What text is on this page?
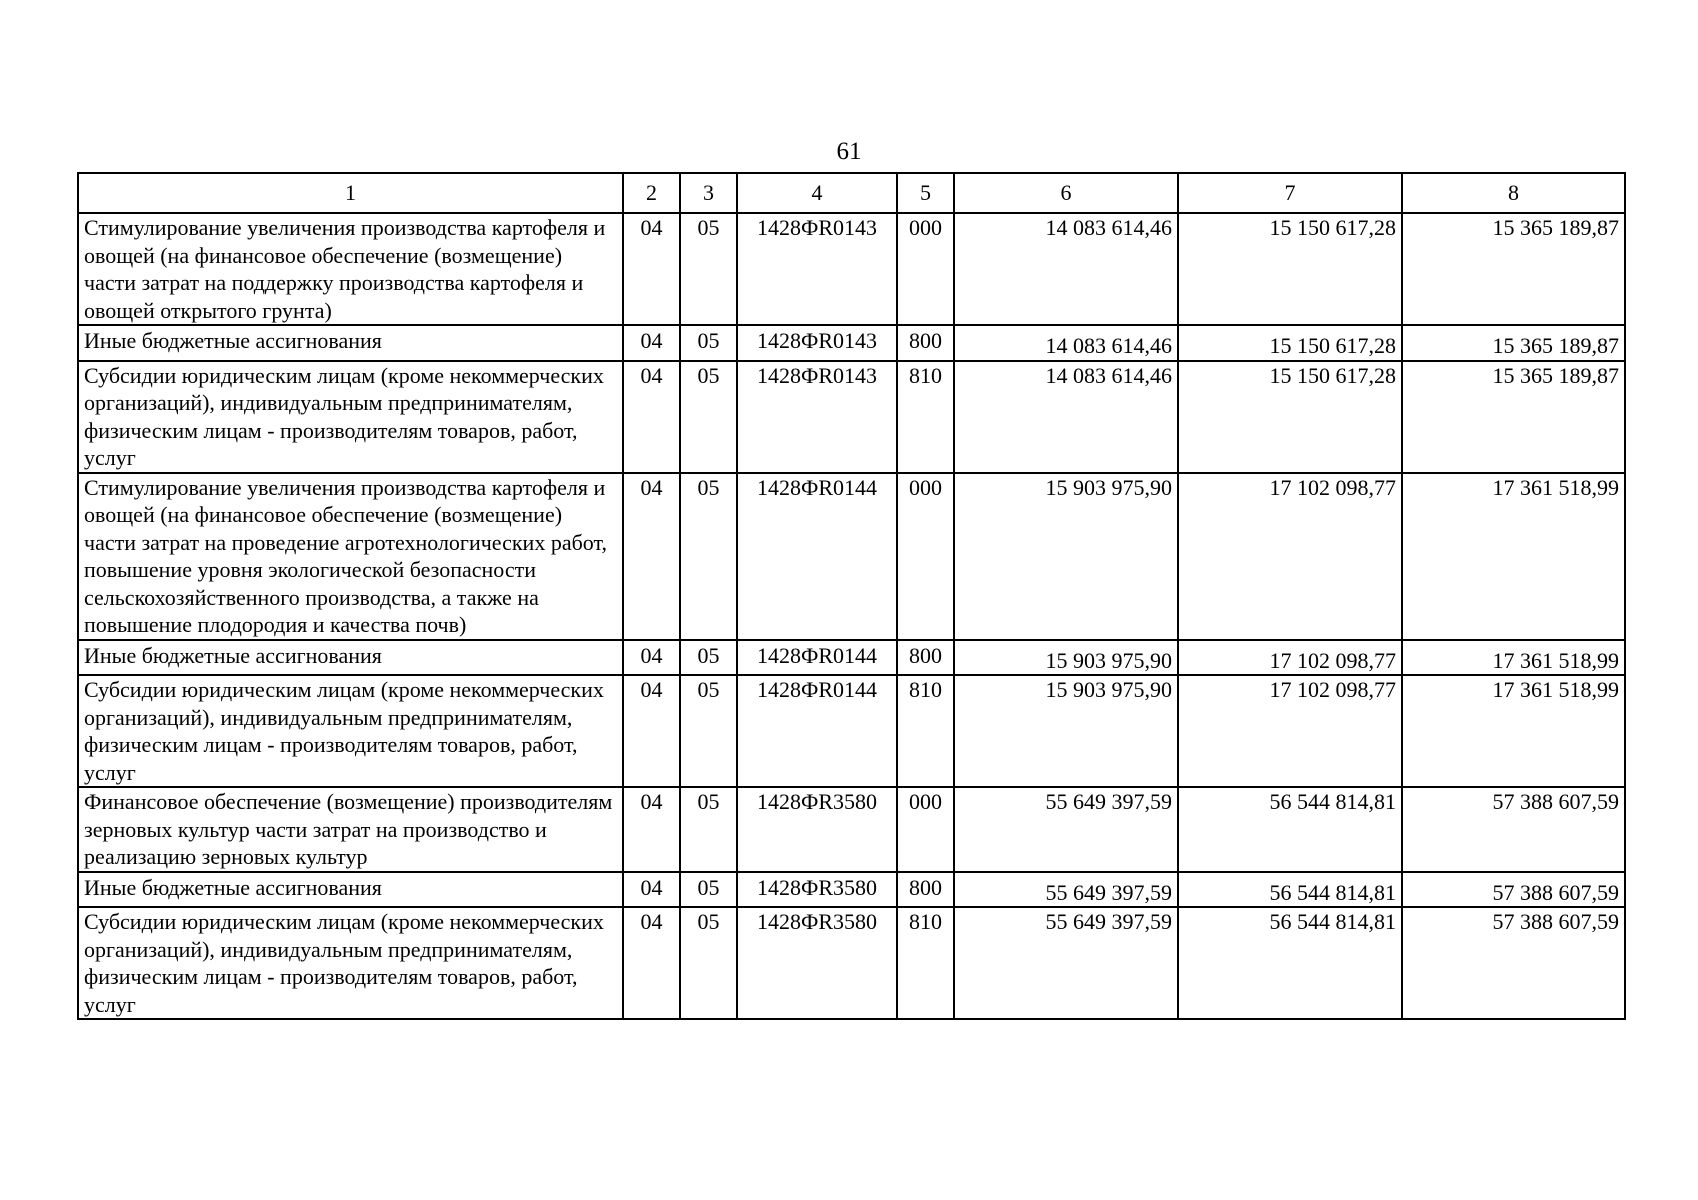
61
1	2	3	4	5	6	7	8
Стимулирование увеличения производства картофеля и овощей (на финансовое обеспечение (возмещение) части затрат на поддержку производства картофеля и овощей открытого грунта)	04	05	1428ФR0143	000	14 083 614,46	15 150 617,28	15 365 189,87
Иные бюджетные ассигнования	04	05	1428ФR0143	800	14 083 614,46	15 150 617,28	15 365 189,87
Субсидии юридическим лицам (кроме некоммерческих организаций), индивидуальным предпринимателям, физическим лицам - производителям товаров, работ, услуг	04	05	1428ФR0143	810	14 083 614,46	15 150 617,28	15 365 189,87
Стимулирование увеличения производства картофеля и овощей (на финансовое обеспечение (возмещение) части затрат на проведение агротехнологических работ, повышение уровня экологической безопасности сельскохозяйственного производства, а также на повышение плодородия и качества почв)	04	05	1428ФR0144	000	15 903 975,90	17 102 098,77	17 361 518,99
Иные бюджетные ассигнования	04	05	1428ФR0144	800	15 903 975,90	17 102 098,77	17 361 518,99
Субсидии юридическим лицам (кроме некоммерческих организаций), индивидуальным предпринимателям, физическим лицам - производителям товаров, работ, услуг	04	05	1428ФR0144	810	15 903 975,90	17 102 098,77	17 361 518,99
Финансовое обеспечение (возмещение) производителям зерновых культур части затрат на производство и реализацию зерновых культур	04	05	1428ФR3580	000	55 649 397,59	56 544 814,81	57 388 607,59
Иные бюджетные ассигнования	04	05	1428ФR3580	800	55 649 397,59	56 544 814,81	57 388 607,59
Субсидии юридическим лицам (кроме некоммерческих организаций), индивидуальным предпринимателям, физическим лицам - производителям товаров, работ, услуг	04	05	1428ФR3580	810	55 649 397,59	56 544 814,81	57 388 607,59
